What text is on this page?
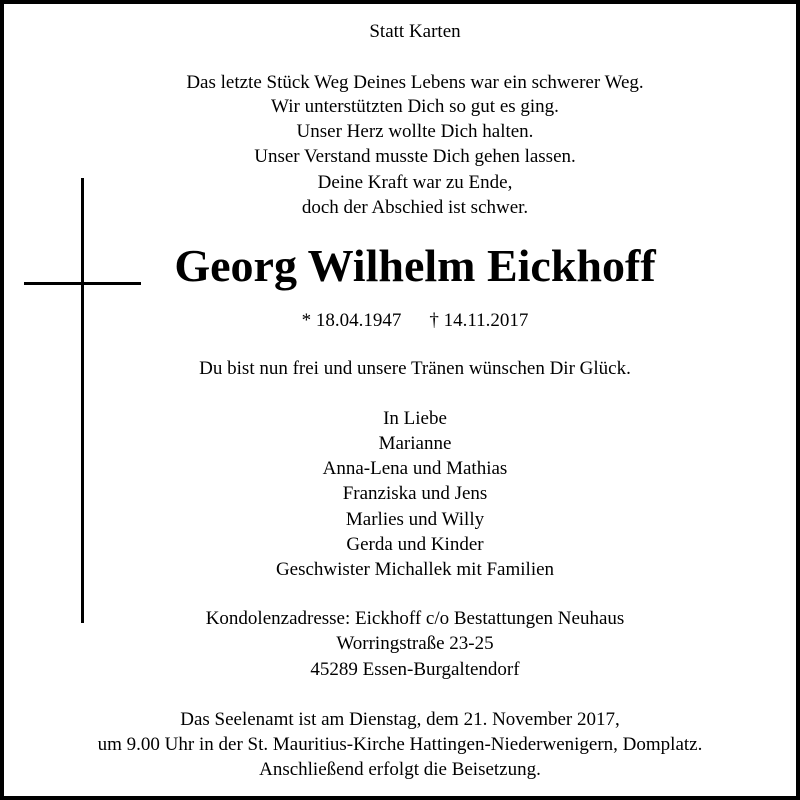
Statt Karten
Das letzte Stück Weg Deines Lebens war ein schwerer Weg.
Wir unterstützten Dich so gut es ging.
Unser Herz wollte Dich halten.
Unser Verstand musste Dich gehen lassen.
Deine Kraft war zu Ende,
doch der Abschied ist schwer.
Georg Wilhelm Eickhoff
* 18.04.1947 † 14.11.2017
Du bist nun frei und unsere Tränen wünschen Dir Glück.
In Liebe
Marianne
Anna-Lena und Mathias
Franziska und Jens
Marlies und Willy
Gerda und Kinder
Geschwister Michallek mit Familien
Kondolenzadresse: Eickhoff c/o Bestattungen Neuhaus
Worringstraße 23-25
45289 Essen-Burgaltendorf
Das Seelenamt ist am Dienstag, dem 21. November 2017,
um 9.00 Uhr in der St. Mauritius-Kirche Hattingen-Niederwenigern, Domplatz.
Anschließend erfolgt die Beisetzung.
